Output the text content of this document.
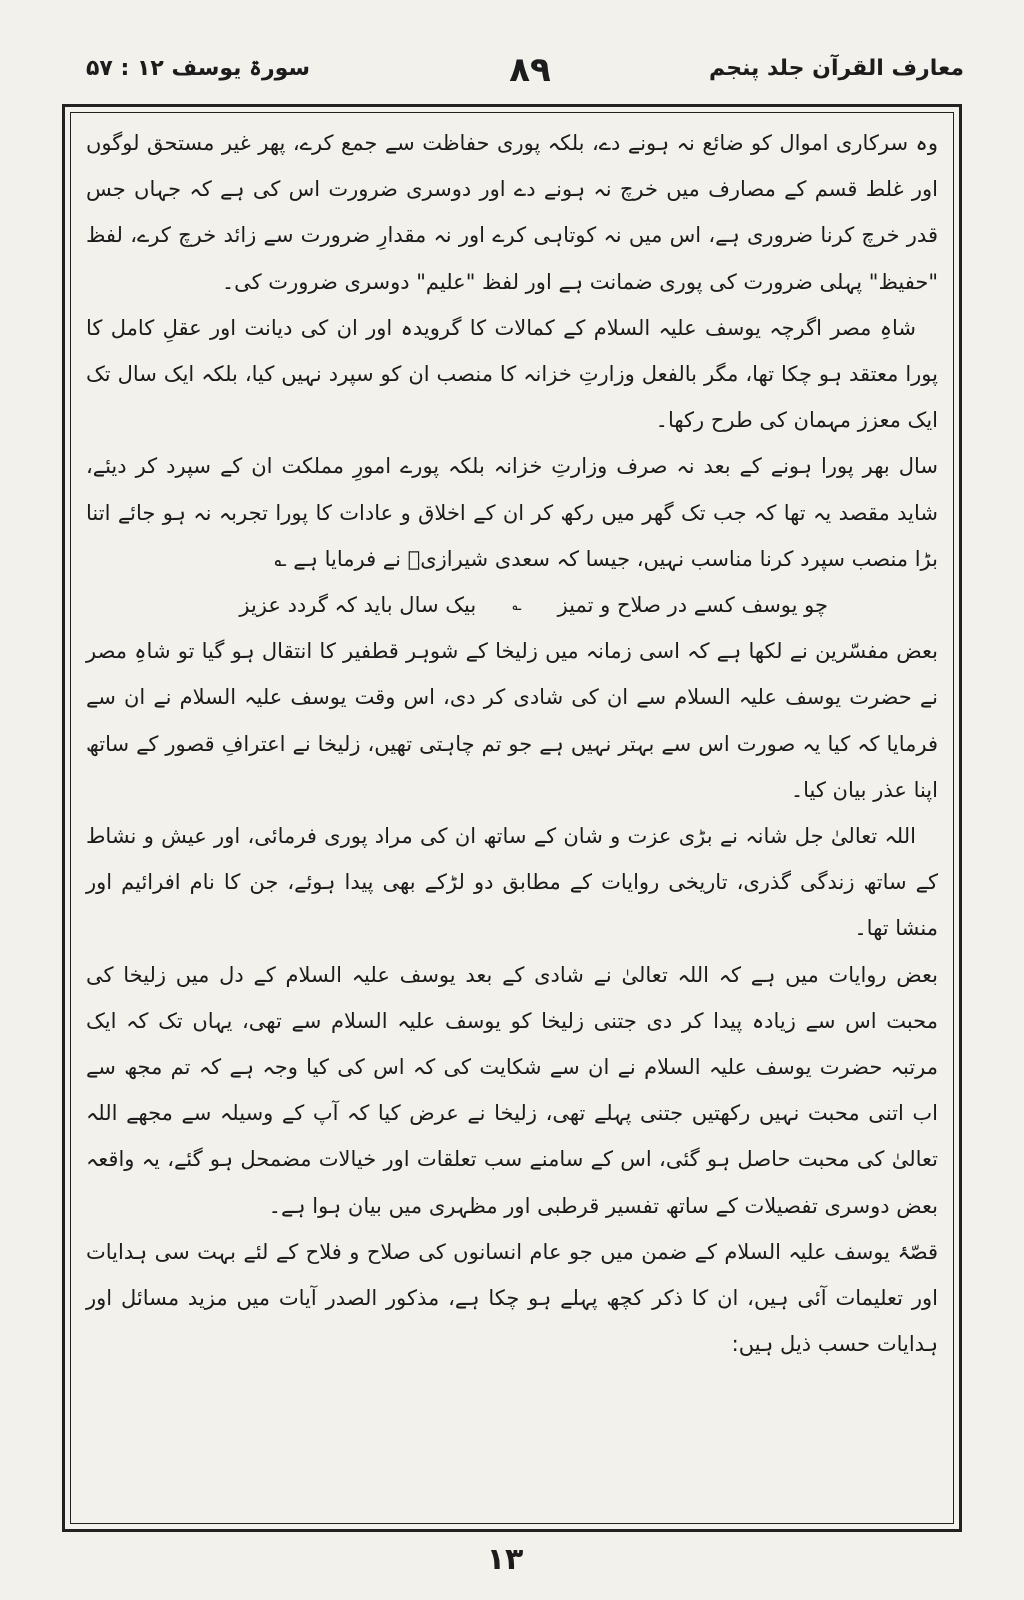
معارف القرآن جلد پنجم
۸۹
سورۃ یوسف ۱۲ : ۵۷

وہ سرکاری اموال کو ضائع نہ ہونے دے، بلکہ پوری حفاظت سے جمع کرے، پھر غیر مستحق لوگوں اور غلط قسم کے مصارف میں خرچ نہ ہونے دے اور دوسری ضرورت اس کی ہے کہ جہاں جس قدر خرچ کرنا ضروری ہے، اس میں نہ کوتاہی کرے اور نہ مقدارِ ضرورت سے زائد خرچ کرے، لفظ "حفیظ" پہلی ضرورت کی پوری ضمانت ہے اور لفظ "علیم" دوسری ضرورت کی۔

شاہِ مصر اگرچہ یوسف علیہ السلام کے کمالات کا گرویدہ اور ان کی دیانت اور عقلِ کامل کا پورا معتقد ہو چکا تھا، مگر بالفعل وزارتِ خزانہ کا منصب ان کو سپرد نہیں کیا، بلکہ ایک سال تک ایک معزز مہمان کی طرح رکھا۔

سال بھر پورا ہونے کے بعد نہ صرف وزارتِ خزانہ بلکہ پورے امورِ مملکت ان کے سپرد کر دیئے، شاید مقصد یہ تھا کہ جب تک گھر میں رکھ کر ان کے اخلاق و عادات کا پورا تجربہ نہ ہو جائے اتنا بڑا منصب سپرد کرنا مناسب نہیں، جیسا کہ سعدی شیرازیؒ نے فرمایا ہے ؎

چو یوسف کسے در صلاح و تمیز
؎
بیک سال باید کہ گردد عزیز

بعض مفسّرین نے لکھا ہے کہ اسی زمانہ میں زلیخا کے شوہر قطفیر کا انتقال ہو گیا تو شاہِ مصر نے حضرت یوسف علیہ السلام سے ان کی شادی کر دی، اس وقت یوسف علیہ السلام نے ان سے فرمایا کہ کیا یہ صورت اس سے بہتر نہیں ہے جو تم چاہتی تھیں، زلیخا نے اعترافِ قصور کے ساتھ اپنا عذر بیان کیا۔

اللہ تعالیٰ جل شانہ نے بڑی عزت و شان کے ساتھ ان کی مراد پوری فرمائی، اور عیش و نشاط کے ساتھ زندگی گذری، تاریخی روایات کے مطابق دو لڑکے بھی پیدا ہوئے، جن کا نام افرائیم اور منشا تھا۔

بعض روایات میں ہے کہ اللہ تعالیٰ نے شادی کے بعد یوسف علیہ السلام کے دل میں زلیخا کی محبت اس سے زیادہ پیدا کر دی جتنی زلیخا کو یوسف علیہ السلام سے تھی، یہاں تک کہ ایک مرتبہ حضرت یوسف علیہ السلام نے ان سے شکایت کی کہ اس کی کیا وجہ ہے کہ تم مجھ سے اب اتنی محبت نہیں رکھتیں جتنی پہلے تھی، زلیخا نے عرض کیا کہ آپ کے وسیلہ سے مجھے اللہ تعالیٰ کی محبت حاصل ہو گئی، اس کے سامنے سب تعلقات اور خیالات مضمحل ہو گئے، یہ واقعہ بعض دوسری تفصیلات کے ساتھ تفسیر قرطبی اور مظہری میں بیان ہوا ہے۔

قصّۂ یوسف علیہ السلام کے ضمن میں جو عام انسانوں کی صلاح و فلاح کے لئے بہت سی ہدایات اور تعلیمات آئی ہیں، ان کا ذکر کچھ پہلے ہو چکا ہے، مذکور الصدر آیات میں مزید مسائل اور ہدایات حسب ذیل ہیں:

۱۳
